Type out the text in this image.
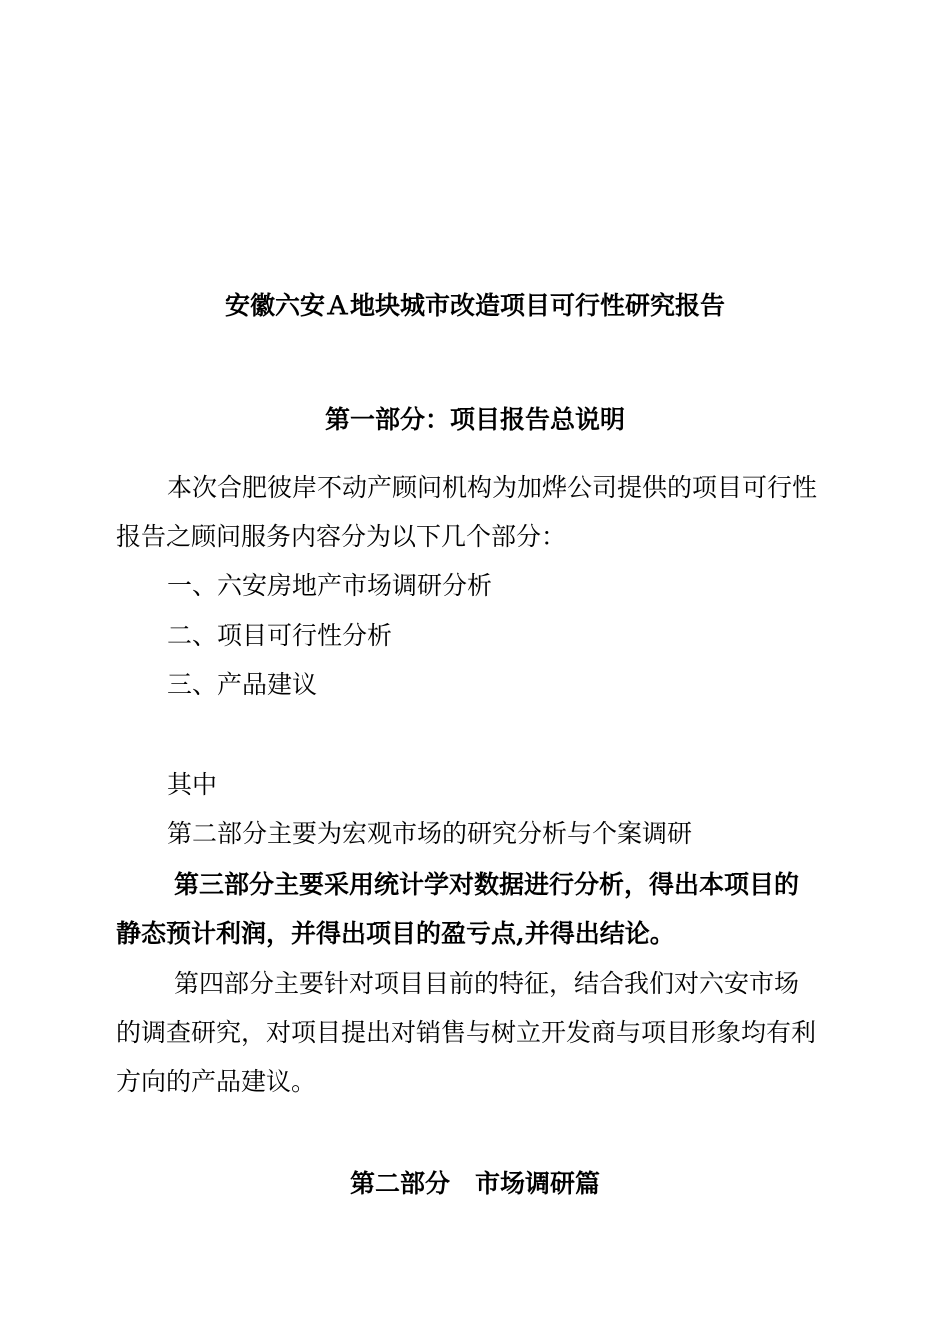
安徽六安Ａ地块城市改造项目可行性研究报告
第一部分：项目报告总说明
本次合肥彼岸不动产顾问机构为加烨公司提供的项目可行性
报告之顾问服务内容分为以下几个部分：
一、六安房地产市场调研分析
二、项目可行性分析
三、产品建议
其中
第二部分主要为宏观市场的研究分析与个案调研
第三部分主要采用统计学对数据进行分析，得出本项目的
静态预计利润，并得出项目的盈亏点,并得出结论。
第四部分主要针对项目目前的特征，结合我们对六安市场
的调查研究，对项目提出对销售与树立开发商与项目形象均有利
方向的产品建议。
第二部分　市场调研篇
